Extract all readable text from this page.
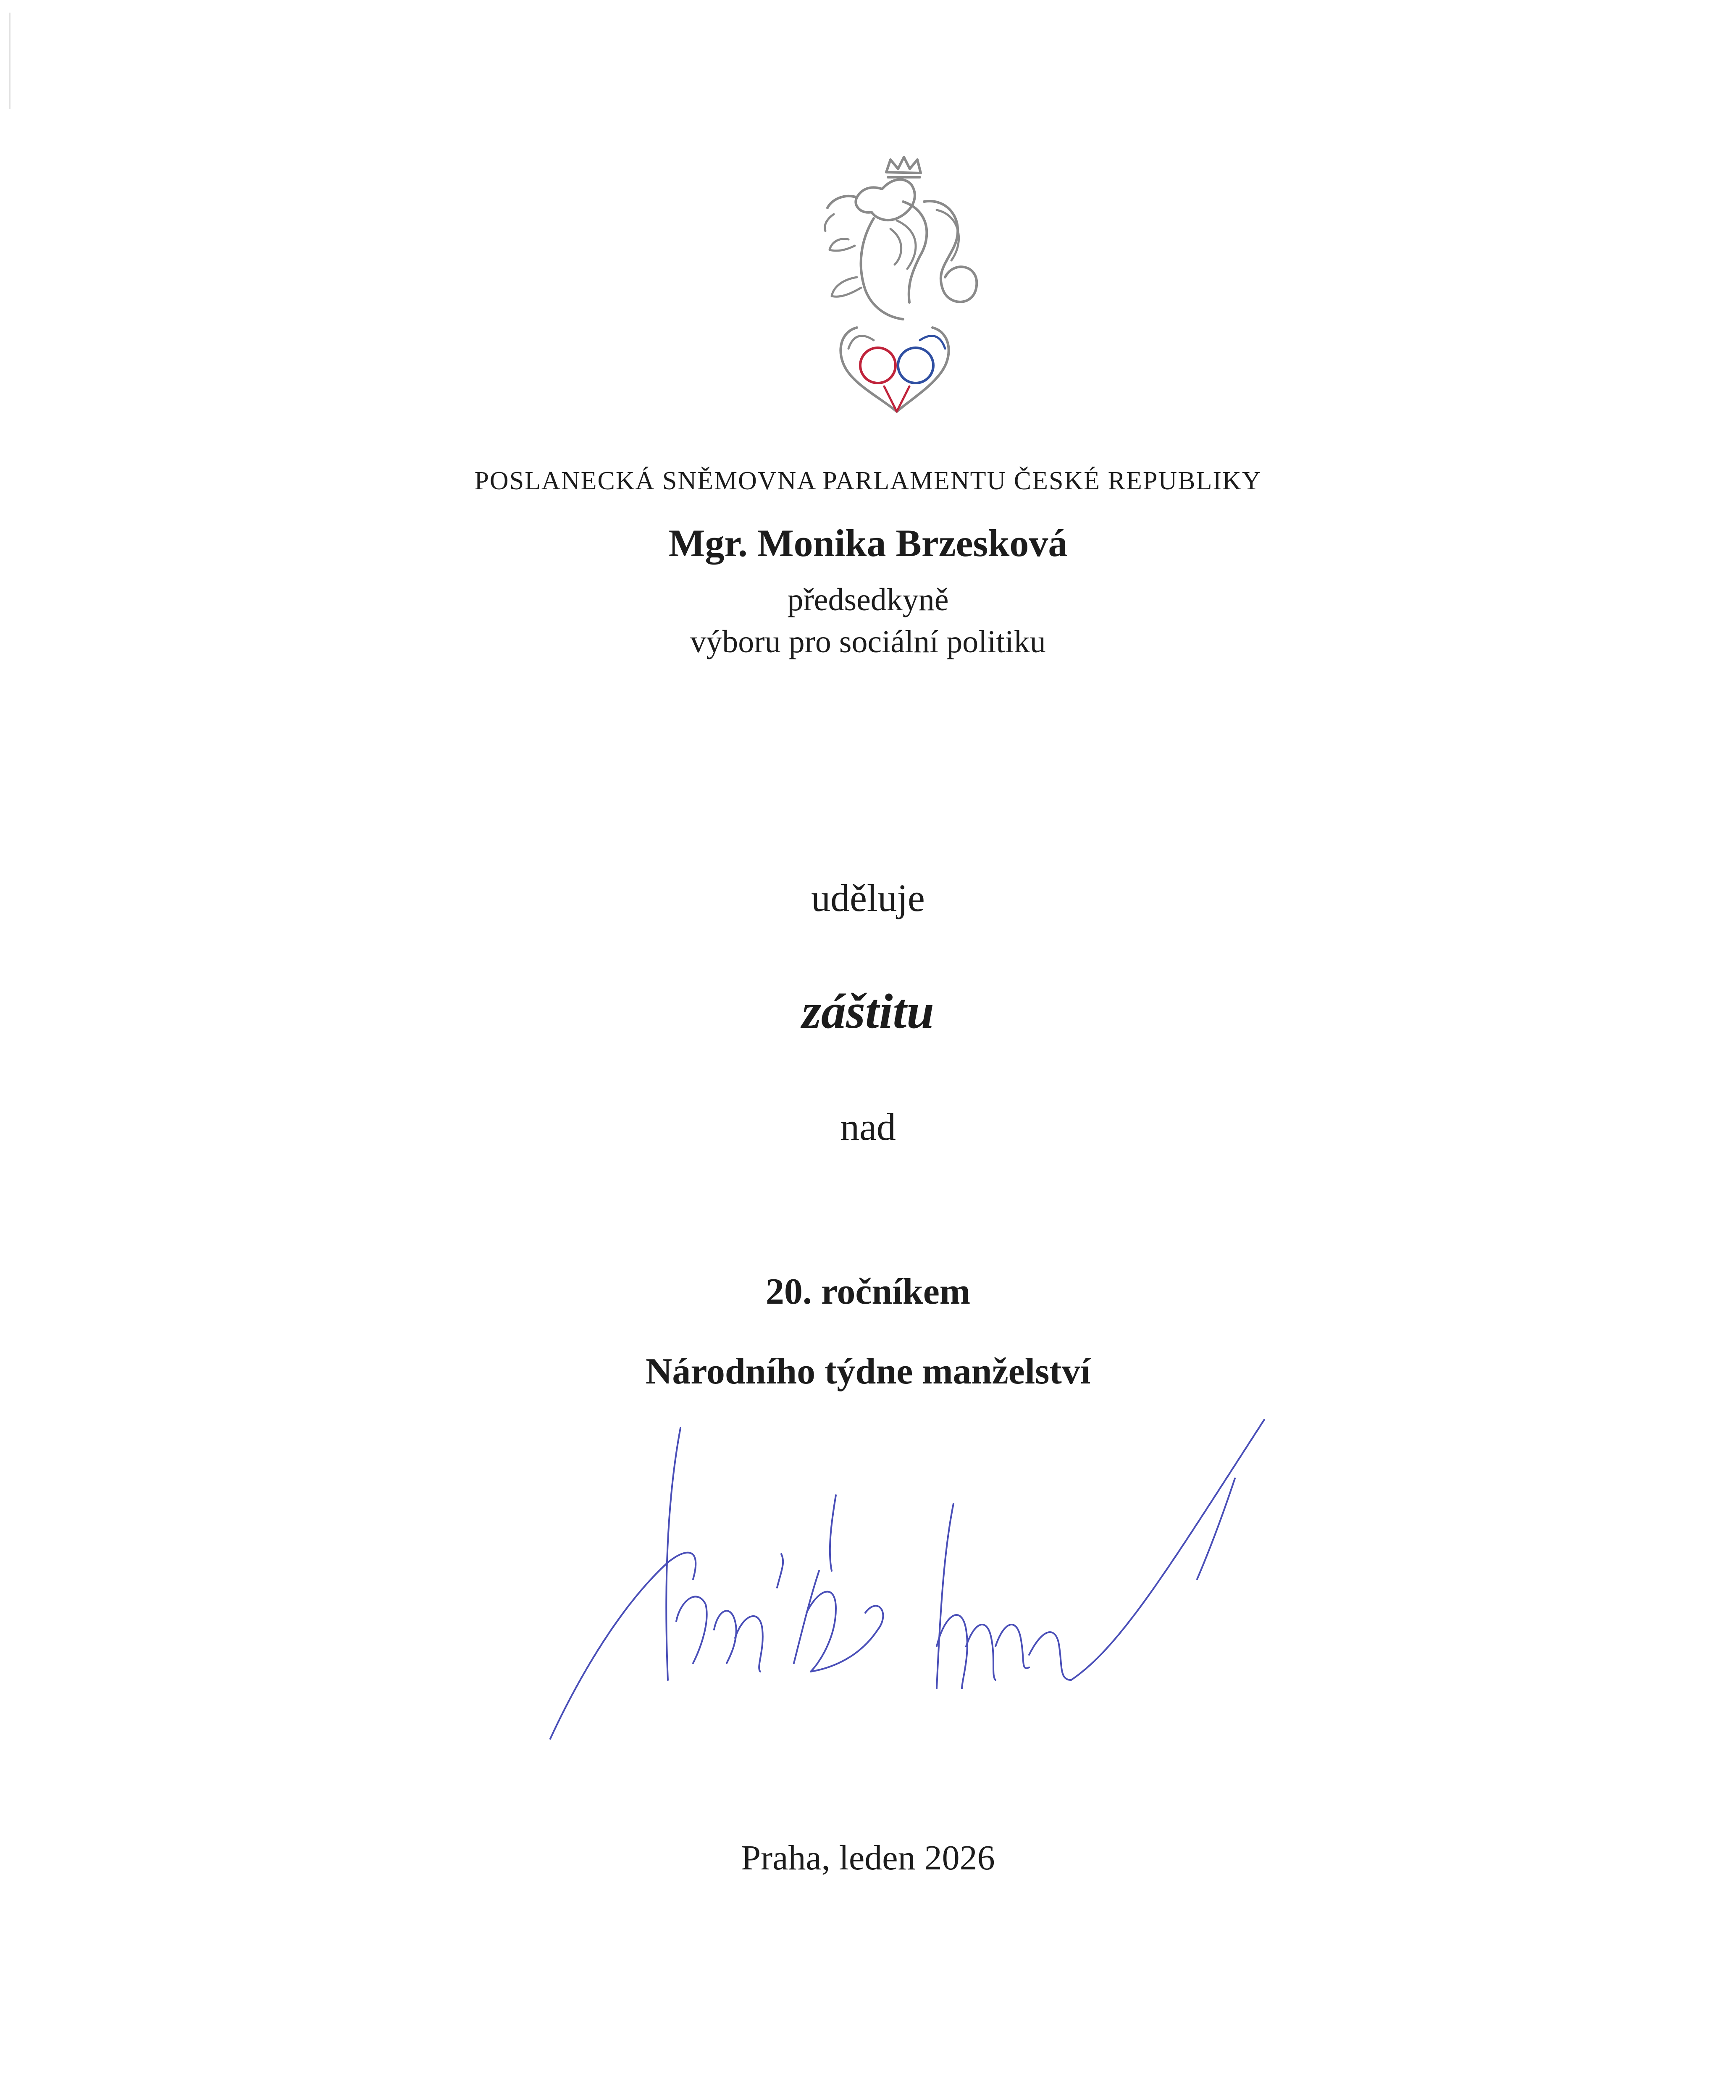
POSLANECKÁ SNĚMOVNA PARLAMENTU ČESKÉ REPUBLIKY
Mgr. Monika Brzesková
předsedkyně
výboru pro sociální politiku
uděluje
záštitu
nad
20. ročníkem
Národního týdne manželství
Praha, leden 2026
